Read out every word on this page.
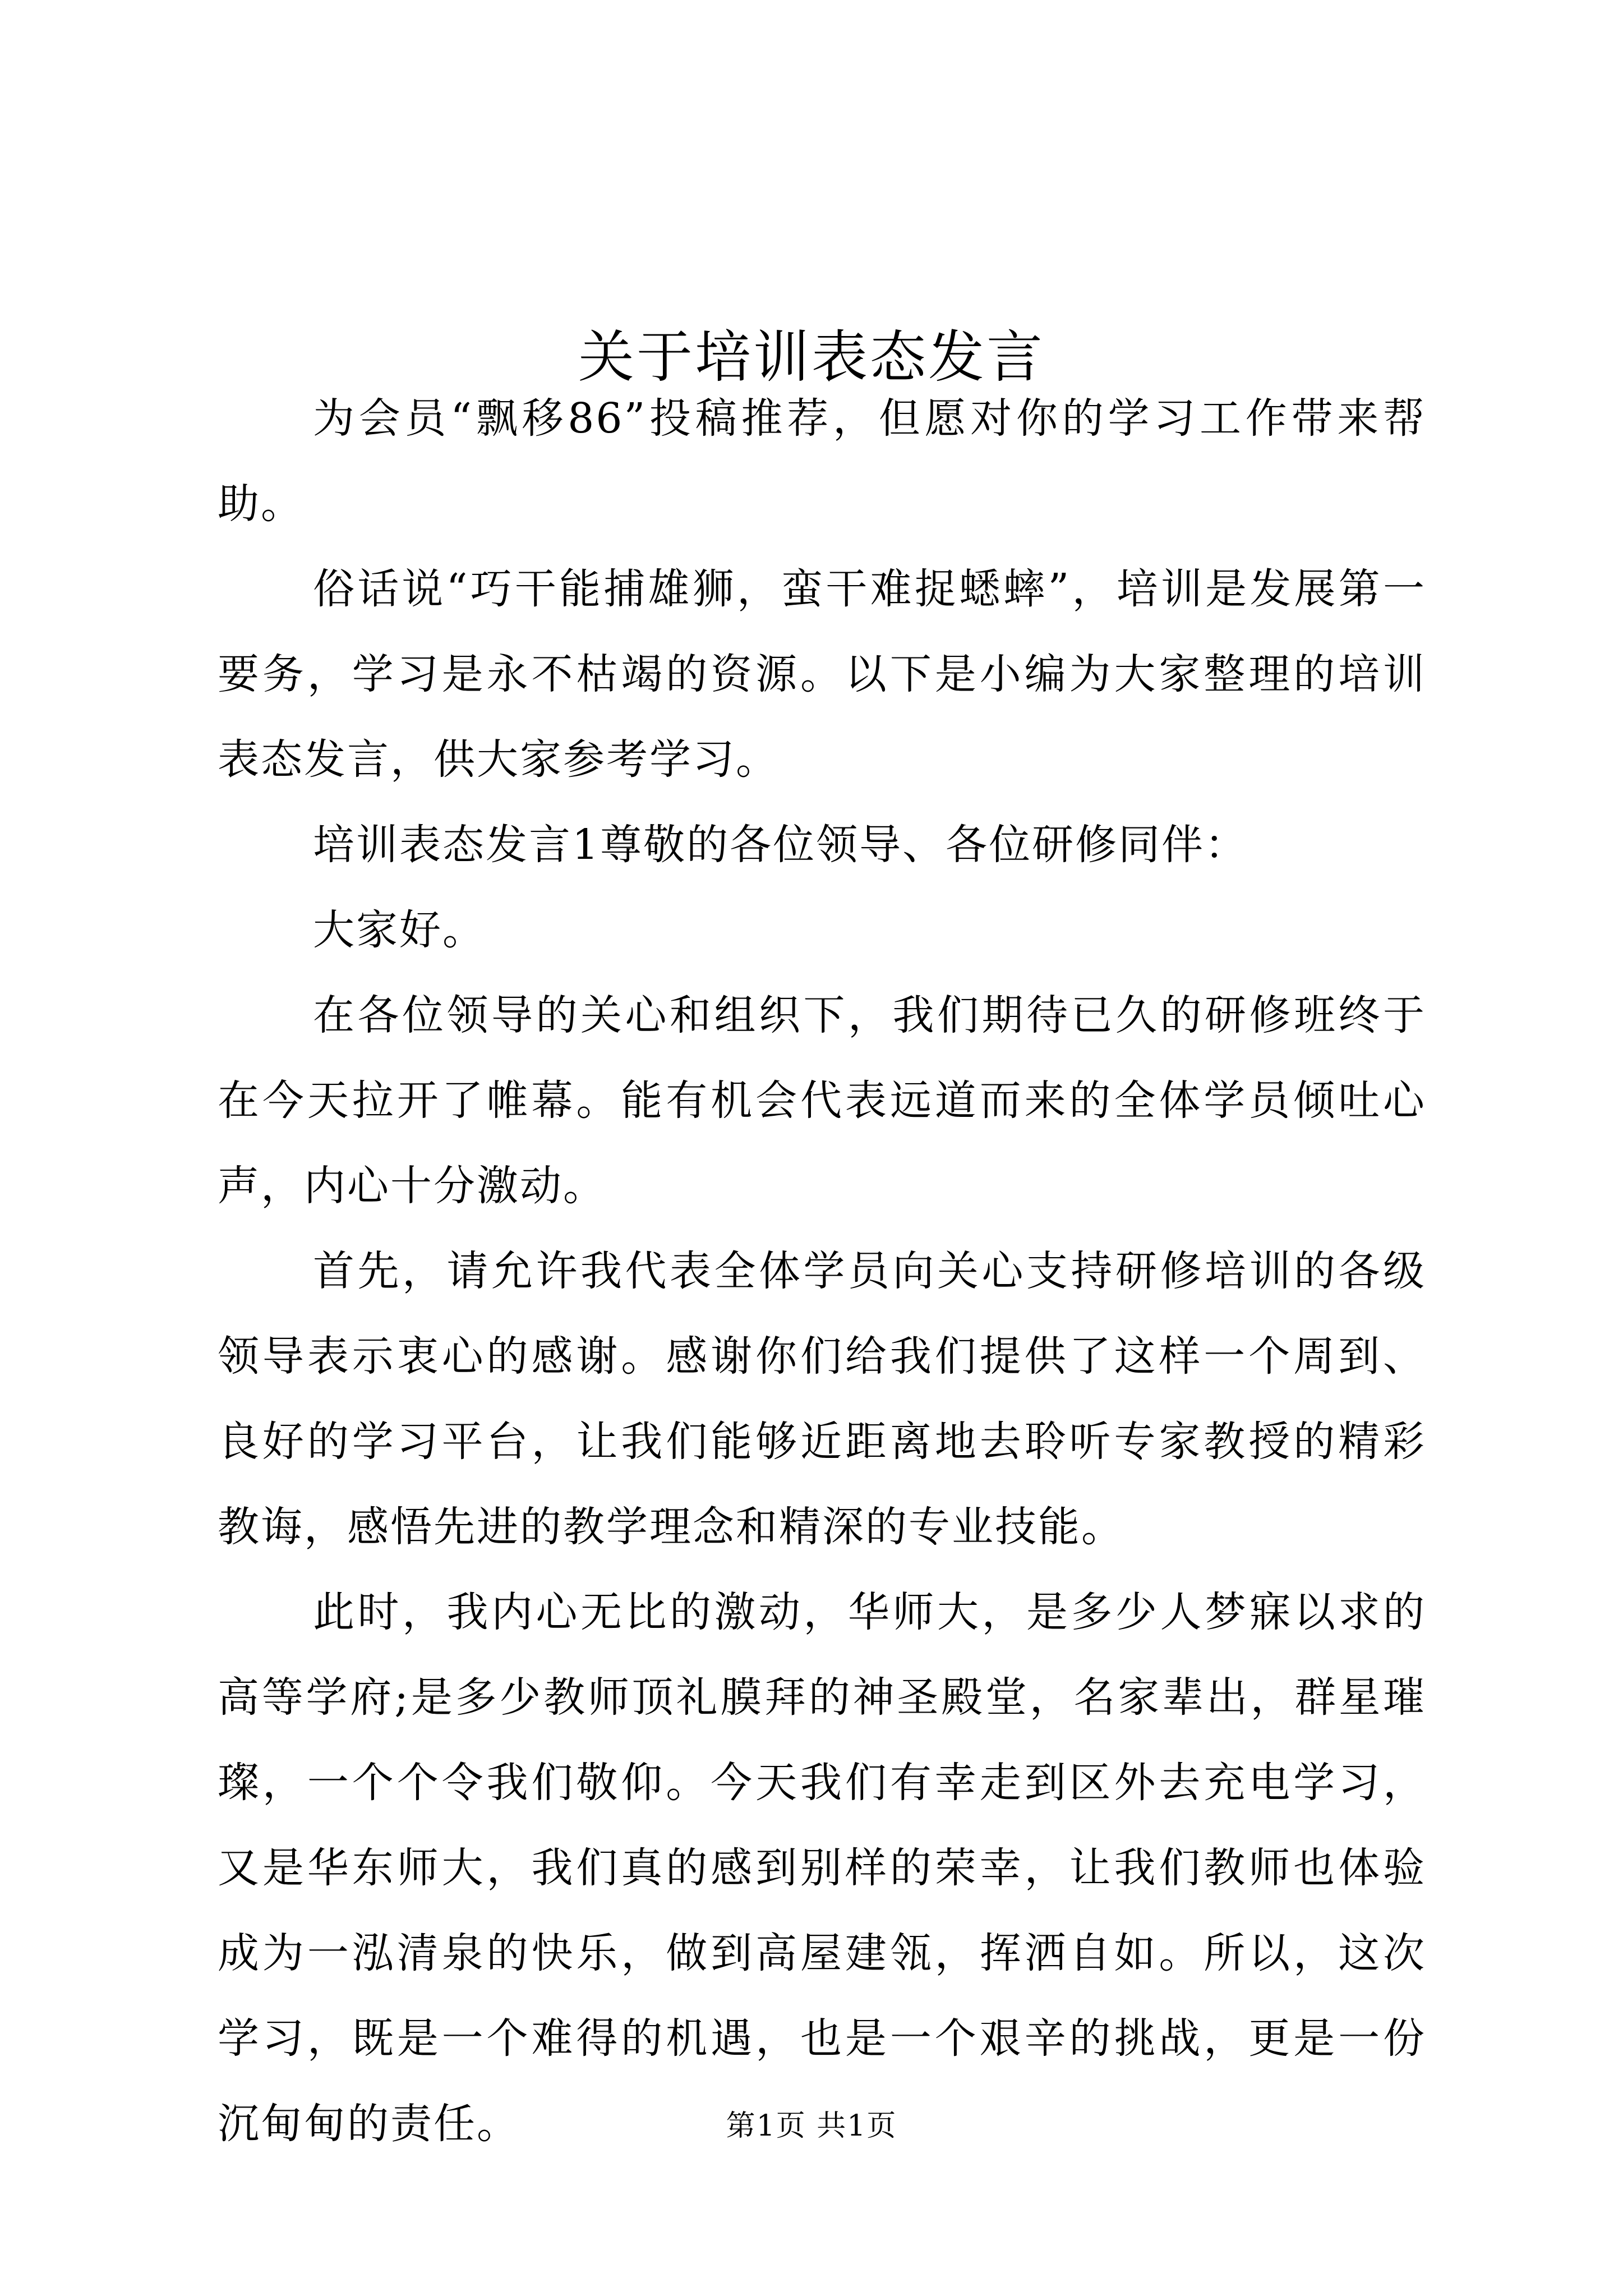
关于培训表态发言

为会员“飘移86”投稿推荐，但愿对你的学习工作带来帮助。

俗话说“巧干能捕雄狮，蛮干难捉蟋蟀”，培训是发展第一要务，学习是永不枯竭的资源。以下是小编为大家整理的培训表态发言，供大家参考学习。

培训表态发言1尊敬的各位领导、各位研修同伴：

大家好。

在各位领导的关心和组织下，我们期待已久的研修班终于在今天拉开了帷幕。能有机会代表远道而来的全体学员倾吐心声，内心十分激动。

首先，请允许我代表全体学员向关心支持研修培训的各级领导表示衷心的感谢。感谢你们给我们提供了这样一个周到、良好的学习平台，让我们能够近距离地去聆听专家教授的精彩教诲，感悟先进的教学理念和精深的专业技能。

此时，我内心无比的激动，华师大，是多少人梦寐以求的高等学府;是多少教师顶礼膜拜的神圣殿堂，名家辈出，群星璀璨，一个个令我们敬仰。今天我们有幸走到区外去充电学习，又是华东师大，我们真的感到别样的荣幸，让我们教师也体验成为一泓清泉的快乐，做到高屋建瓴，挥洒自如。所以，这次学习，既是一个难得的机遇，也是一个艰辛的挑战，更是一份沉甸甸的责任。	第1页 共1页
